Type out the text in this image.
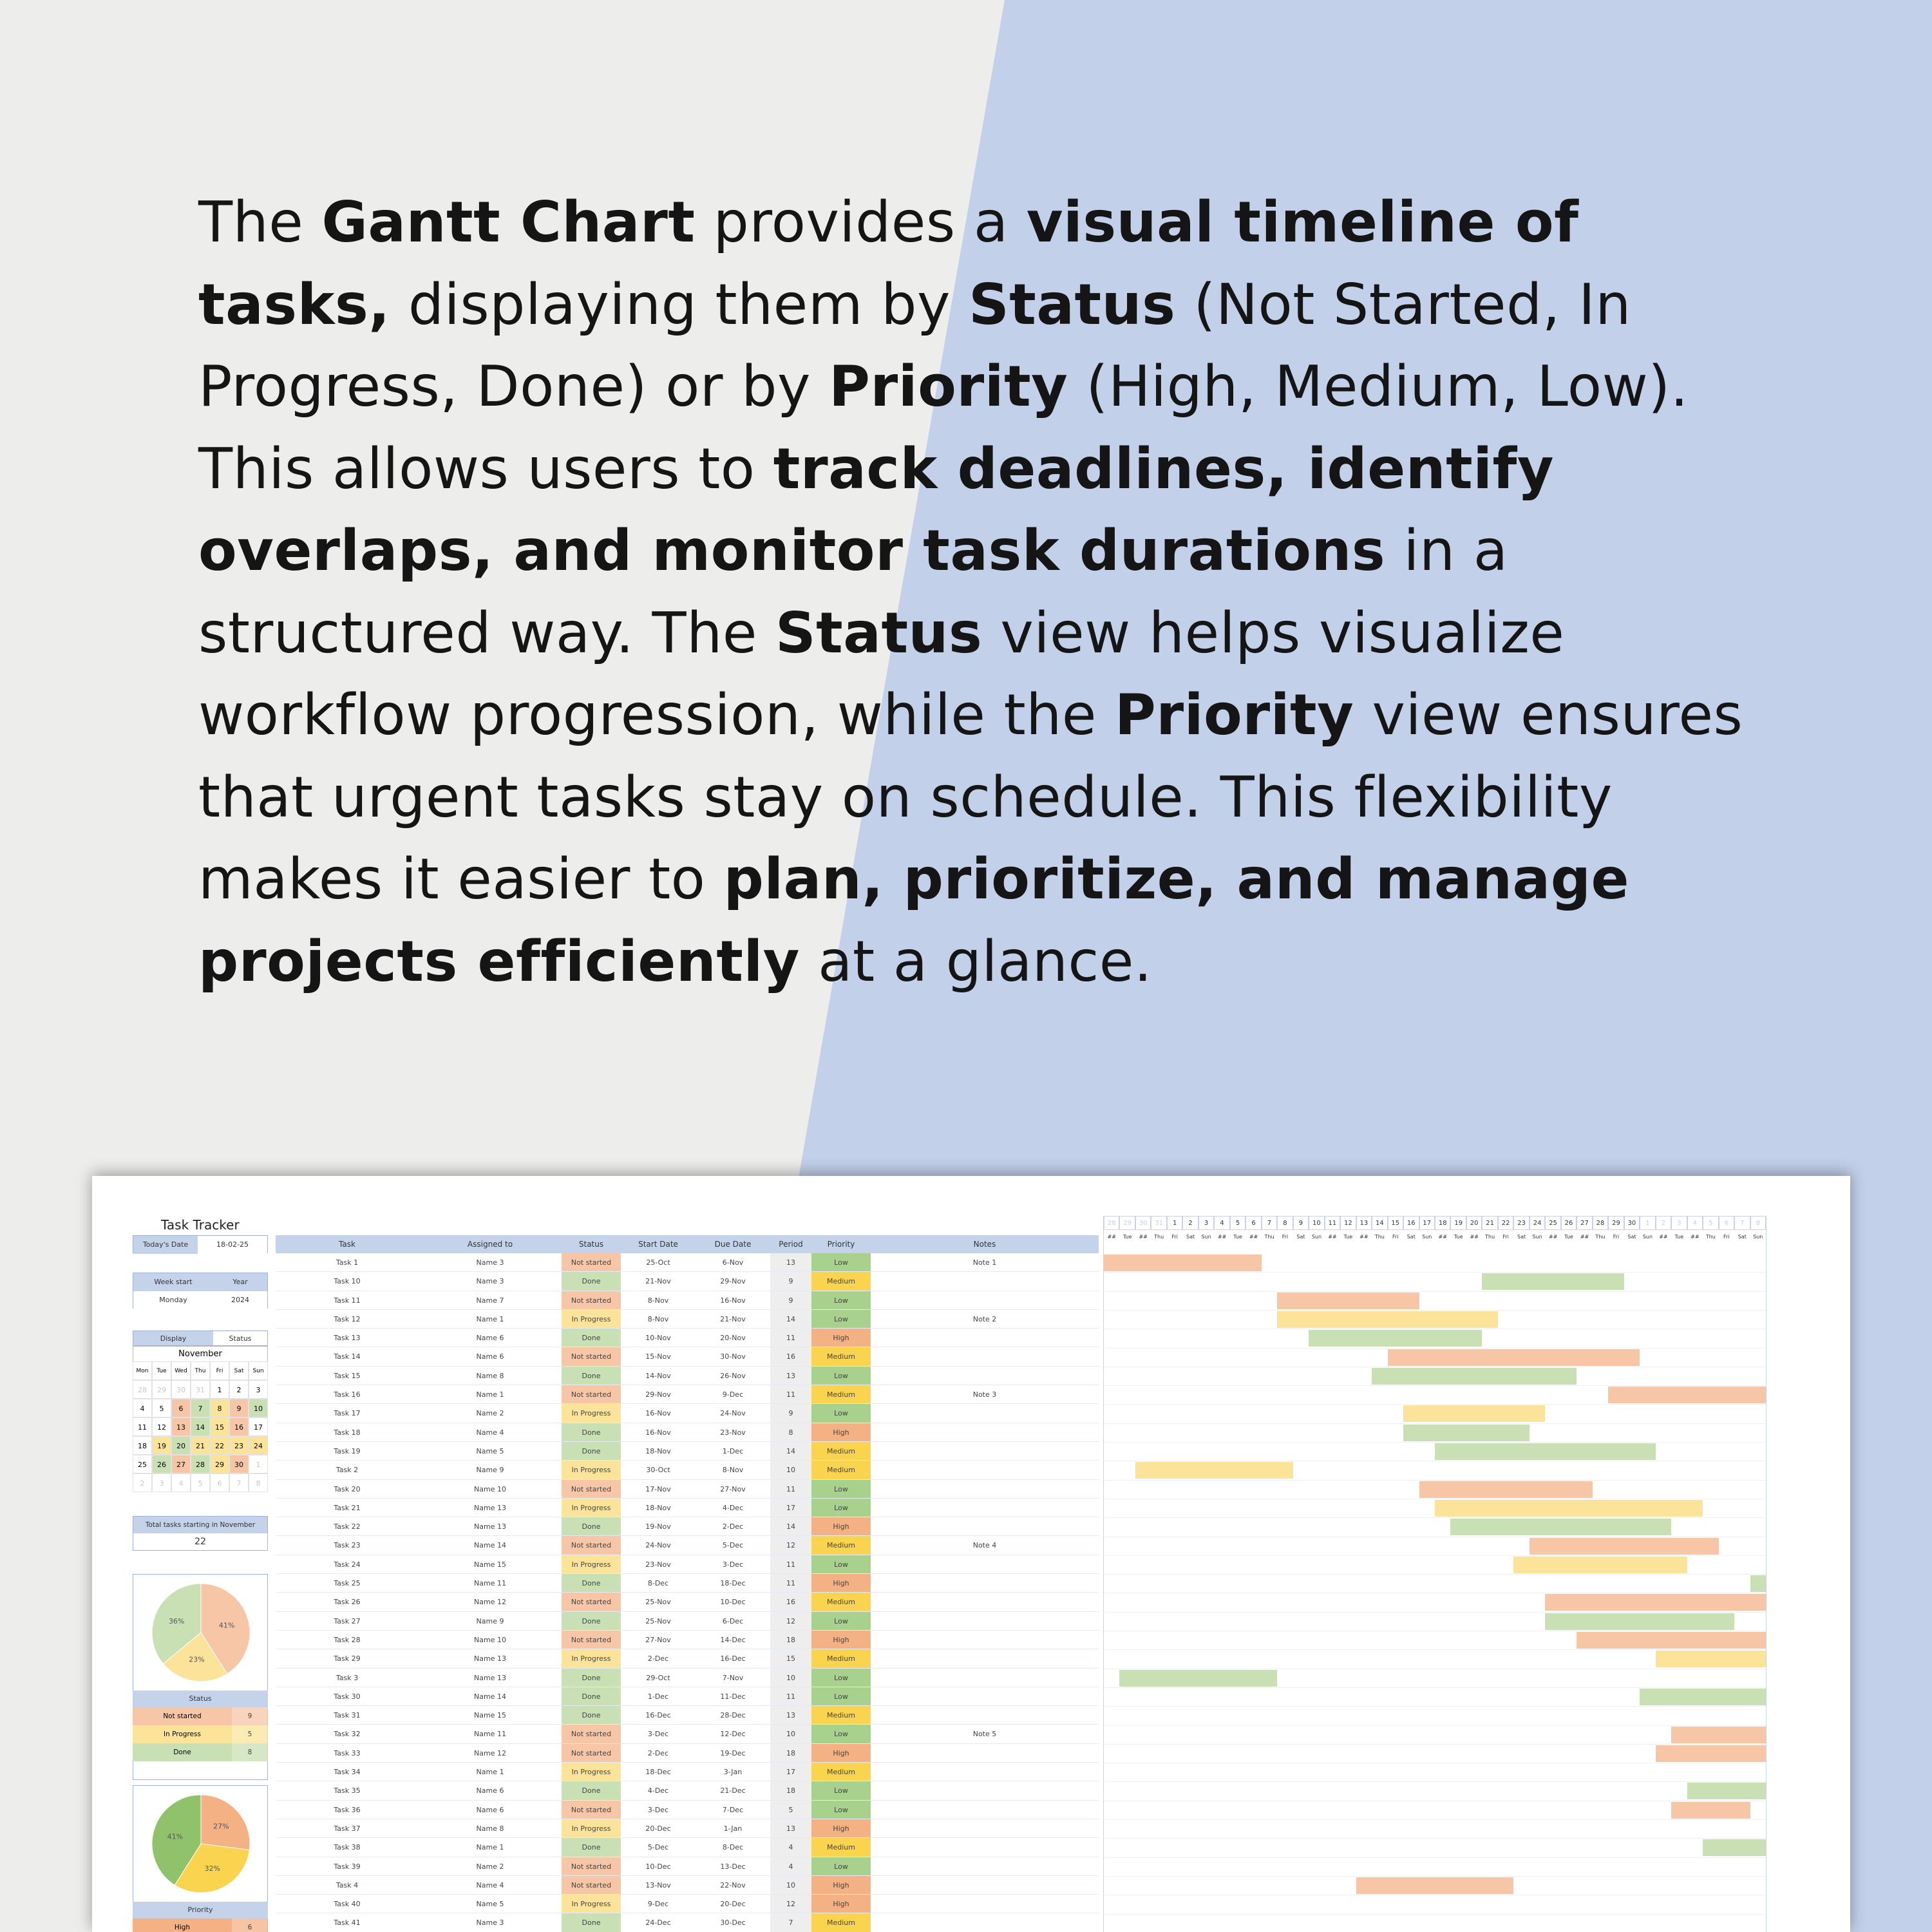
The Gantt Chart provides a visual timeline of tasks, displaying them by Status (Not Started, In Progress, Done) or by Priority (High, Medium, Low). This allows users to track deadlines, identify overlaps, and monitor task durations in a structured way. The Status view helps visualize workflow progression, while the Priority view ensures that urgent tasks stay on schedule. This flexibility makes it easier to plan, prioritize, and manage projects efficiently at a glance.
Task Tracker
Today's Date	18-02-25
Week start	Year
Monday	2024
Display	Status
November
Mon	Tue	Wed	Thu	Fri	Sat	Sun
28	29	30	31	1	2	3
4	5	6	7	8	9	10
11	12	13	14	15	16	17
18	19	20	21	22	23	24
25	26	27	28	29	30	1
2	3	4	5	6	7	8
Total tasks starting in November
22
41%
23%
36%
Status
Not started	9
In Progress	5
Done	8
27%
32%
41%
Priority
High	6
Task	Assigned to	Status	Start Date	Due Date	Period	Priority	Notes
Task 1	Name 3	Not started	25-Oct	6-Nov	13	Low	Note 1
Task 10	Name 3	Done	21-Nov	29-Nov	9	Medium
Task 11	Name 7	Not started	8-Nov	16-Nov	9	Low
Task 12	Name 1	In Progress	8-Nov	21-Nov	14	Low	Note 2
Task 13	Name 6	Done	10-Nov	20-Nov	11	High
Task 14	Name 6	Not started	15-Nov	30-Nov	16	Medium
Task 15	Name 8	Done	14-Nov	26-Nov	13	Low
Task 16	Name 1	Not started	29-Nov	9-Dec	11	Medium	Note 3
Task 17	Name 2	In Progress	16-Nov	24-Nov	9	Low
Task 18	Name 4	Done	16-Nov	23-Nov	8	High
Task 19	Name 5	Done	18-Nov	1-Dec	14	Medium
Task 2	Name 9	In Progress	30-Oct	8-Nov	10	Medium
Task 20	Name 10	Not started	17-Nov	27-Nov	11	Low
Task 21	Name 13	In Progress	18-Nov	4-Dec	17	Low
Task 22	Name 13	Done	19-Nov	2-Dec	14	High
Task 23	Name 14	Not started	24-Nov	5-Dec	12	Medium	Note 4
Task 24	Name 15	In Progress	23-Nov	3-Dec	11	Low
Task 25	Name 11	Done	8-Dec	18-Dec	11	High
Task 26	Name 12	Not started	25-Nov	10-Dec	16	Medium
Task 27	Name 9	Done	25-Nov	6-Dec	12	Low
Task 28	Name 10	Not started	27-Nov	14-Dec	18	High
Task 29	Name 13	In Progress	2-Dec	16-Dec	15	Medium
Task 3	Name 13	Done	29-Oct	7-Nov	10	Low
Task 30	Name 14	Done	1-Dec	11-Dec	11	Low
Task 31	Name 15	Done	16-Dec	28-Dec	13	Medium
Task 32	Name 11	Not started	3-Dec	12-Dec	10	Low	Note 5
Task 33	Name 12	Not started	2-Dec	19-Dec	18	High
Task 34	Name 1	In Progress	18-Dec	3-Jan	17	Medium
Task 35	Name 6	Done	4-Dec	21-Dec	18	Low
Task 36	Name 6	Not started	3-Dec	7-Dec	5	Low
Task 37	Name 8	In Progress	20-Dec	1-Jan	13	High
Task 38	Name 1	Done	5-Dec	8-Dec	4	Medium
Task 39	Name 2	Not started	10-Dec	13-Dec	4	Low
Task 4	Name 4	Not started	13-Nov	22-Nov	10	High
Task 40	Name 5	In Progress	9-Dec	20-Dec	12	High
Task 41	Name 3	Done	24-Dec	30-Dec	7	Medium
28	29	30	31	1	2	3	4	5	6	7	8	9	10	11	12	13	14	15	16	17	18	19	20	21	22	23	24	25	26	27	28	29	30	1	2	3	4	5	6	7	8
##	Tue	##	Thu	Fri	Sat	Sun	##	Tue	##	Thu	Fri	Sat	Sun	##	Tue	##	Thu	Fri	Sat	Sun	##	Tue	##	Thu	Fri	Sat	Sun	##	Tue	##	Thu	Fri	Sat	Sun	##	Tue	##	Thu	Fri	Sat	Sun
